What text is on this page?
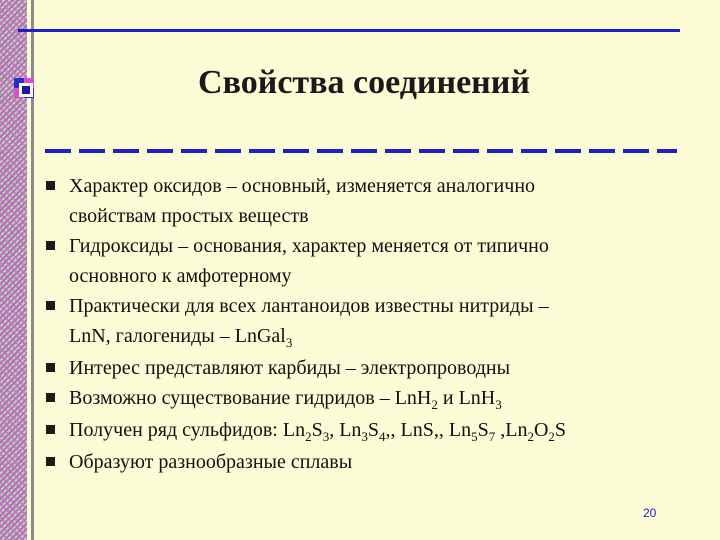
Свойства соединений
Характер оксидов – основный, изменяется аналогично
свойствам простых веществ
Гидроксиды – основания, характер меняется от типично
основного к амфотерному
Практически для всех лантаноидов известны нитриды –
LnN, галогениды – LnGal$_3$
Интерес представляют карбиды – электропроводны
Возможно существование гидридов – LnH$_2$ и LnH$_3$
Получен ряд сульфидов: $Ln_2S_3$, $Ln_3S_4$,, LnS,, $Ln_5S_7$ $,Ln_2O_2S$
Образуют разнообразные сплавы
20
